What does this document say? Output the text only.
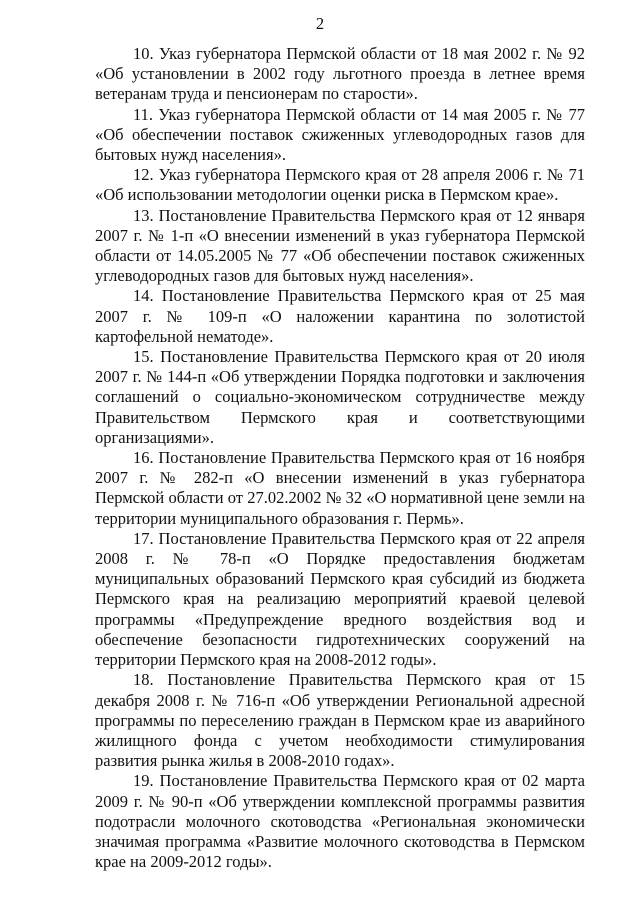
2

10. Указ губернатора Пермской области от 18 мая 2002 г. № 92 «Об установлении в 2002 году льготного проезда в летнее время ветеранам труда и пенсионерам по старости».

11. Указ губернатора Пермской области от 14 мая 2005 г. № 77 «Об обеспечении поставок сжиженных углеводородных газов для бытовых нужд населения».

12. Указ губернатора Пермского края от 28 апреля 2006 г. № 71 «Об использовании методологии оценки риска в Пермском крае».

13. Постановление Правительства Пермского края от 12 января 2007 г. № 1-п «О внесении изменений в указ губернатора Пермской области от 14.05.2005 № 77 «Об обеспечении поставок сжиженных углеводородных газов для бытовых нужд населения».

14. Постановление Правительства Пермского края от 25 мая 2007 г. № 109-п «О наложении карантина по золотистой картофельной нематоде».

15. Постановление Правительства Пермского края от 20 июля 2007 г. № 144-п «Об утверждении Порядка подготовки и заключения соглашений о социально-экономическом сотрудничестве между Правительством Пермского края и соответствующими организациями».

16. Постановление Правительства Пермского края от 16 ноября 2007 г. № 282-п «О внесении изменений в указ губернатора Пермской области от 27.02.2002 № 32 «О нормативной цене земли на территории муниципального образования г. Пермь».

17. Постановление Правительства Пермского края от 22 апреля 2008 г. № 78-п «О Порядке предоставления бюджетам муниципальных образований Пермского края субсидий из бюджета Пермского края на реализацию мероприятий краевой целевой программы «Предупреждение вредного воздействия вод и обеспечение безопасности гидротехнических сооружений на территории Пермского края на 2008-2012 годы».

18. Постановление Правительства Пермского края от 15 декабря 2008 г. № 716-п «Об утверждении Региональной адресной программы по переселению граждан в Пермском крае из аварийного жилищного фонда с учетом необходимости стимулирования развития рынка жилья в 2008-2010 годах».

19. Постановление Правительства Пермского края от 02 марта 2009 г. № 90-п «Об утверждении комплексной программы развития подотрасли молочного скотоводства «Региональная экономически значимая программа «Развитие молочного скотоводства в Пермском крае на 2009-2012 годы».
